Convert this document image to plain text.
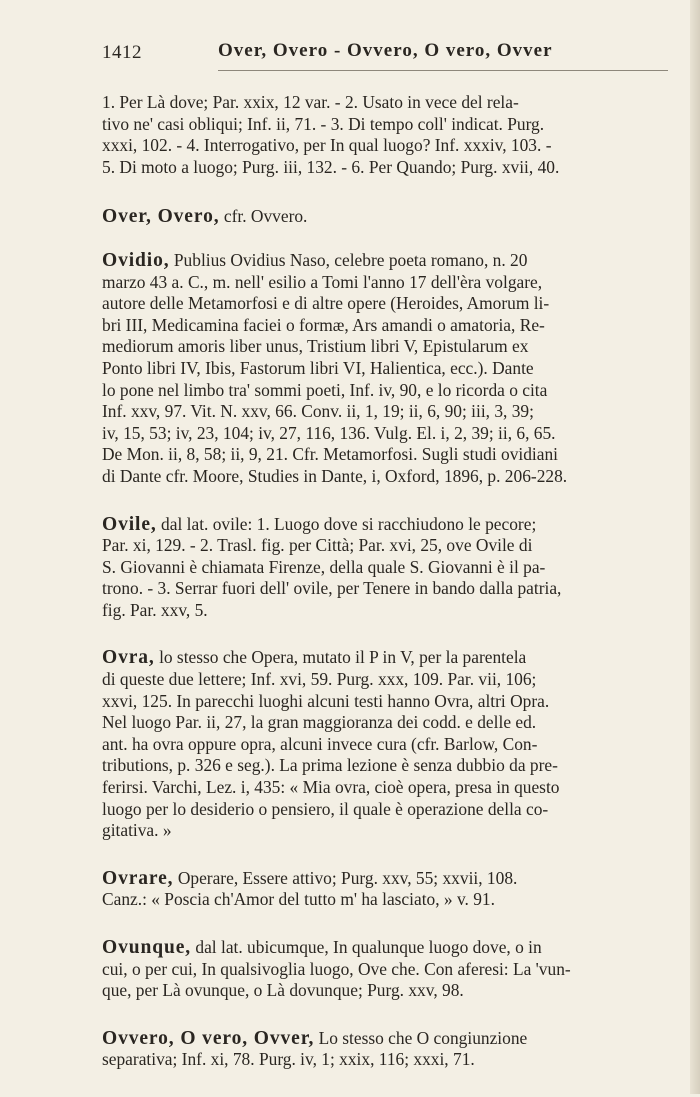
1412	Over, Overo - Ovvero, O vero, Ovver

1. Per Là dove; Par. xxix, 12 var. - 2. Usato in vece del rela-
tivo ne' casi obliqui; Inf. ii, 71. - 3. Di tempo coll' indicat. Purg.
xxxi, 102. - 4. Interrogativo, per In qual luogo? Inf. xxxiv, 103. -
5. Di moto a luogo; Purg. iii, 132. - 6. Per Quando; Purg. xvii, 40.

Over, Overo, cfr. Ovvero.

Ovidio, Publius Ovidius Naso, celebre poeta romano, n. 20
marzo 43 a. C., m. nell' esilio a Tomi l'anno 17 dell'èra volgare,
autore delle Metamorfosi e di altre opere (Heroides, Amorum li-
bri III, Medicamina faciei o formæ, Ars amandi o amatoria, Re-
mediorum amoris liber unus, Tristium libri V, Epistularum ex
Ponto libri IV, Ibis, Fastorum libri VI, Halientica, ecc.). Dante
lo pone nel limbo tra' sommi poeti, Inf. iv, 90, e lo ricorda o cita
Inf. xxv, 97. Vit. N. xxv, 66. Conv. ii, 1, 19; ii, 6, 90; iii, 3, 39;
iv, 15, 53; iv, 23, 104; iv, 27, 116, 136. Vulg. El. i, 2, 39; ii, 6, 65.
De Mon. ii, 8, 58; ii, 9, 21. Cfr. Metamorfosi. Sugli studi ovidiani
di Dante cfr. Moore, Studies in Dante, i, Oxford, 1896, p. 206-228.

Ovile, dal lat. ovile: 1. Luogo dove si racchiudono le pecore;
Par. xi, 129. - 2. Trasl. fig. per Città; Par. xvi, 25, ove Ovile di
S. Giovanni è chiamata Firenze, della quale S. Giovanni è il pa-
trono. - 3. Serrar fuori dell' ovile, per Tenere in bando dalla patria,
fig. Par. xxv, 5.

Ovra, lo stesso che Opera, mutato il P in V, per la parentela
di queste due lettere; Inf. xvi, 59. Purg. xxx, 109. Par. vii, 106;
xxvi, 125. In parecchi luoghi alcuni testi hanno Ovra, altri Opra.
Nel luogo Par. ii, 27, la gran maggioranza dei codd. e delle ed.
ant. ha ovra oppure opra, alcuni invece cura (cfr. Barlow, Con-
tributions, p. 326 e seg.). La prima lezione è senza dubbio da pre-
ferirsi. Varchi, Lez. i, 435: « Mia ovra, cioè opera, presa in questo
luogo per lo desiderio o pensiero, il quale è operazione della co-
gitativa. »

Ovrare, Operare, Essere attivo; Purg. xxv, 55; xxvii, 108.
Canz.: « Poscia ch'Amor del tutto m' ha lasciato, » v. 91.

Ovunque, dal lat. ubicumque, In qualunque luogo dove, o in
cui, o per cui, In qualsivoglia luogo, Ove che. Con aferesi: La 'vun-
que, per Là ovunque, o Là dovunque; Purg. xxv, 98.

Ovvero, O vero, Ovver, Lo stesso che O congiunzione
separativa; Inf. xi, 78. Purg. iv, 1; xxix, 116; xxxi, 71.
